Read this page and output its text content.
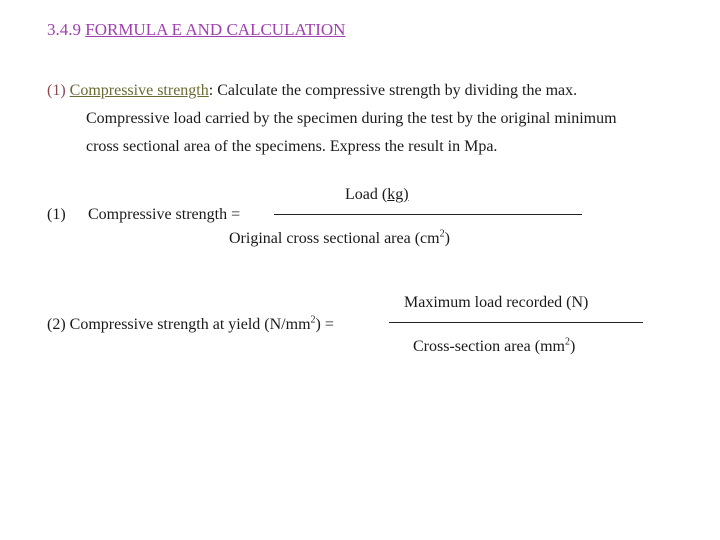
3.4.9 FORMULA E AND CALCULATION
(1) Compressive strength: Calculate the compressive strength by dividing the max.
Compressive load carried by the specimen during the test by the original minimum
cross sectional area of the specimens. Express the result in Mpa.
Load (kg)
(1) Compressive strength =
Original cross sectional area $(cm^2)$
Maximum load recorded (N)
(2) Compressive strength at yield $(N/mm^2)$ =
Cross-section area $(mm^2)$
